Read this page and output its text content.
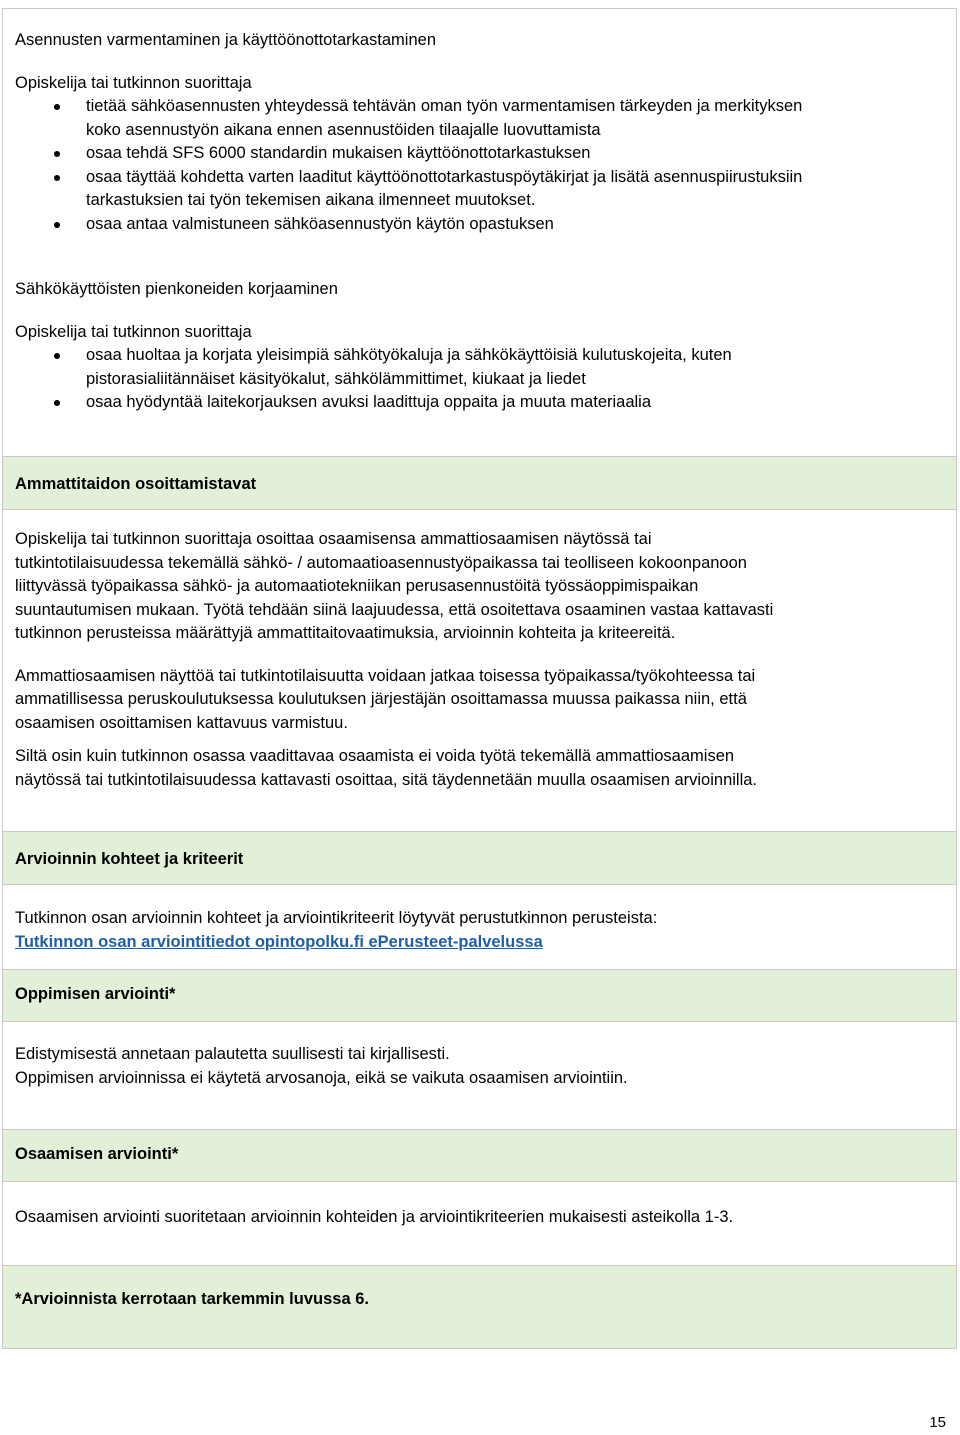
Asennusten varmentaminen ja käyttöönottotarkastaminen

Opiskelija tai tutkinnon suorittaja

tietää sähköasennusten yhteydessä tehtävän oman työn varmentamisen tärkeyden ja merkityksen
koko asennustyön aikana ennen asennustöiden tilaajalle luovuttamista
osaa tehdä SFS 6000 standardin mukaisen käyttöönottotarkastuksen
osaa täyttää kohdetta varten laaditut käyttöönottotarkastuspöytäkirjat ja lisätä asennuspiirustuksiin
tarkastuksien tai työn tekemisen aikana ilmenneet muutokset.
osaa antaa valmistuneen sähköasennustyön käytön opastuksen

Sähkökäyttöisten pienkoneiden korjaaminen

Opiskelija tai tutkinnon suorittaja

osaa huoltaa ja korjata yleisimpiä sähkötyökaluja ja sähkökäyttöisiä kulutuskojeita, kuten
pistorasialiitännäiset käsityökalut, sähkölämmittimet, kiukaat ja liedet
osaa hyödyntää laitekorjauksen avuksi laadittuja oppaita ja muuta materiaalia

Ammattitaidon osoittamistavat

Opiskelija tai tutkinnon suorittaja osoittaa osaamisensa ammattiosaamisen näytössä tai
tutkintotilaisuudessa tekemällä sähkö- / automaatioasennustyöpaikassa tai teolliseen kokoonpanoon
liittyvässä työpaikassa sähkö- ja automaatiotekniikan perusasennustöitä työssäoppimispaikan
suuntautumisen mukaan. Työtä tehdään siinä laajuudessa, että osoitettava osaaminen vastaa kattavasti
tutkinnon perusteissa määrättyjä ammattitaitovaatimuksia, arvioinnin kohteita ja kriteereitä.

Ammattiosaamisen näyttöä tai tutkintotilaisuutta voidaan jatkaa toisessa työpaikassa/työkohteessa tai
ammatillisessa peruskoulutuksessa koulutuksen järjestäjän osoittamassa muussa paikassa niin, että
osaamisen osoittamisen kattavuus varmistuu.

Siltä osin kuin tutkinnon osassa vaadittavaa osaamista ei voida työtä tekemällä ammattiosaamisen
näytössä tai tutkintotilaisuudessa kattavasti osoittaa, sitä täydennetään muulla osaamisen arvioinnilla.

Arvioinnin kohteet ja kriteerit

Tutkinnon osan arvioinnin kohteet ja arviointikriteerit löytyvät perustutkinnon perusteista:

Tutkinnon osan arviointitiedot opintopolku.fi ePerusteet-palvelussa

Oppimisen arviointi*

Edistymisestä annetaan palautetta suullisesti tai kirjallisesti.

Oppimisen arvioinnissa ei käytetä arvosanoja, eikä se vaikuta osaamisen arviointiin.

Osaamisen arviointi*

Osaamisen arviointi suoritetaan arvioinnin kohteiden ja arviointikriteerien mukaisesti asteikolla 1-3.

*Arvioinnista kerrotaan tarkemmin luvussa 6.

15
